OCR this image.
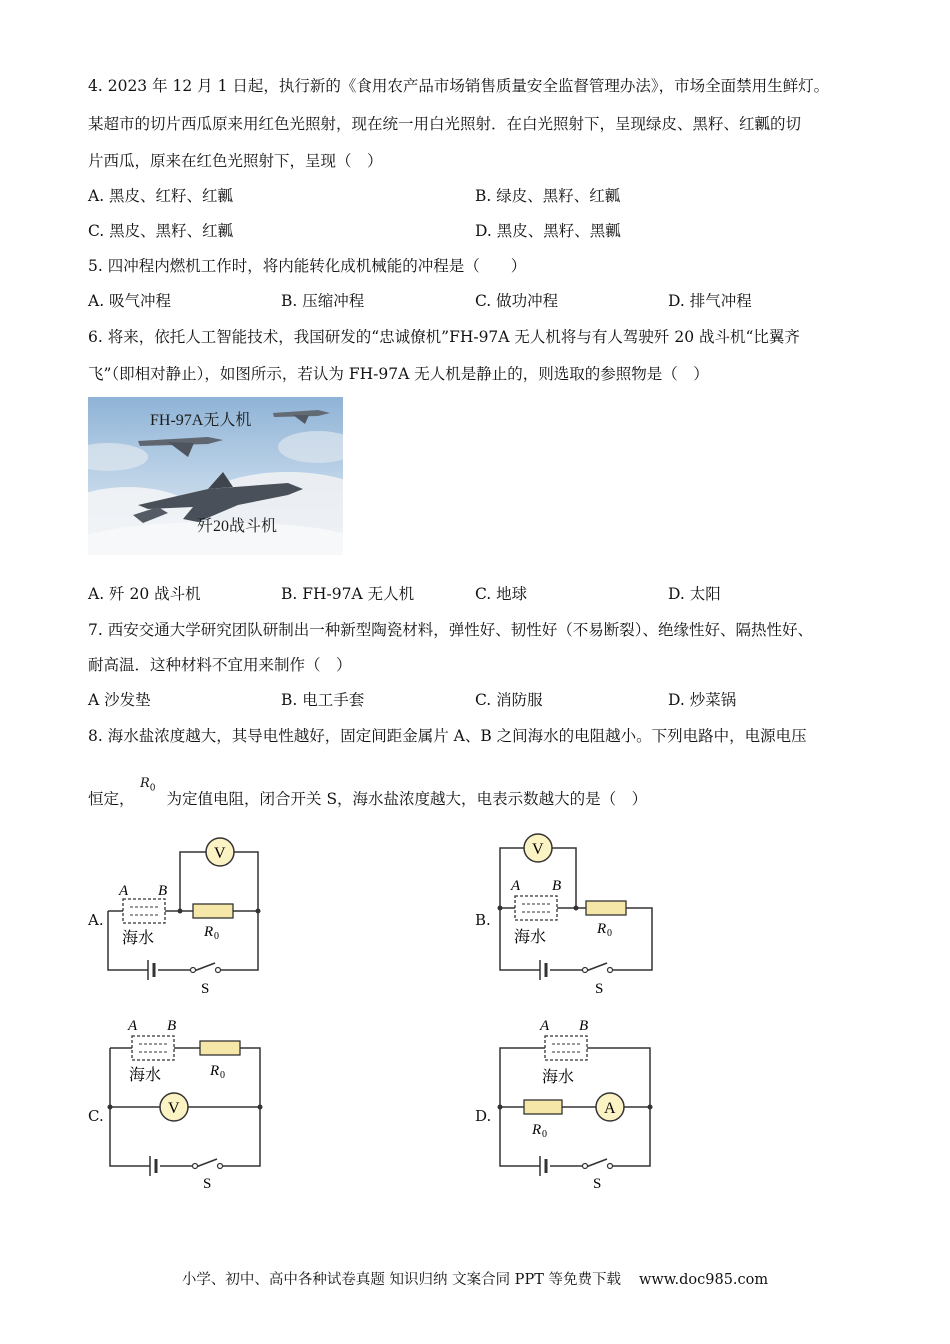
4. 2023 年 12 月 1 日起，执行新的《食用农产品市场销售质量安全监督管理办法》，市场全面禁用生鲜灯。
某超市的切片西瓜原来用红色光照射，现在统一用白光照射．在白光照射下，呈现绿皮、黑籽、红瓤的切
片西瓜，原来在红色光照射下，呈现（　）
A. 黑皮、红籽、红瓤	B. 绿皮、黑籽、红瓤
C. 黑皮、黑籽、红瓤	D. 黑皮、黑籽、黑瓤
5. 四冲程内燃机工作时，将内能转化成机械能的冲程是（　　）
A. 吸气冲程	B. 压缩冲程	C. 做功冲程	D. 排气冲程
6. 将来，依托人工智能技术，我国研发的“忠诚僚机”FH-97A 无人机将与有人驾驶歼 20 战斗机“比翼齐
飞”（即相对静止），如图所示，若认为 FH-97A 无人机是静止的，则选取的参照物是（　）
FH-97A无人机
歼20战斗机
A. 歼 20 战斗机	B. FH-97A 无人机	C. 地球	D. 太阳
7. 西安交通大学研究团队研制出一种新型陶瓷材料，弹性好、韧性好（不易断裂）、绝缘性好、隔热性好、
耐高温．这种材料不宜用来制作（　）
A 沙发垫	B. 电工手套	C. 消防服	D. 炒菜锅
8. 海水盐浓度越大，其导电性越好，固定间距金属片 A、B 之间海水的电阻越小。下列电路中，电源电压
恒定， 为定值电阻，闭合开关 S，海水盐浓度越大，电表示数越大的是（　）
$R_0$
A.	B.
C.	D.
V
A B
海水	R 0
S
V
A B
海水	R 0
S
V
A B
海水	R 0
S
A
A B
海水
R 0
S
小学、初中、高中各种试卷真题 知识归纳 文案合同 PPT 等免费下载 www.doc985.com
